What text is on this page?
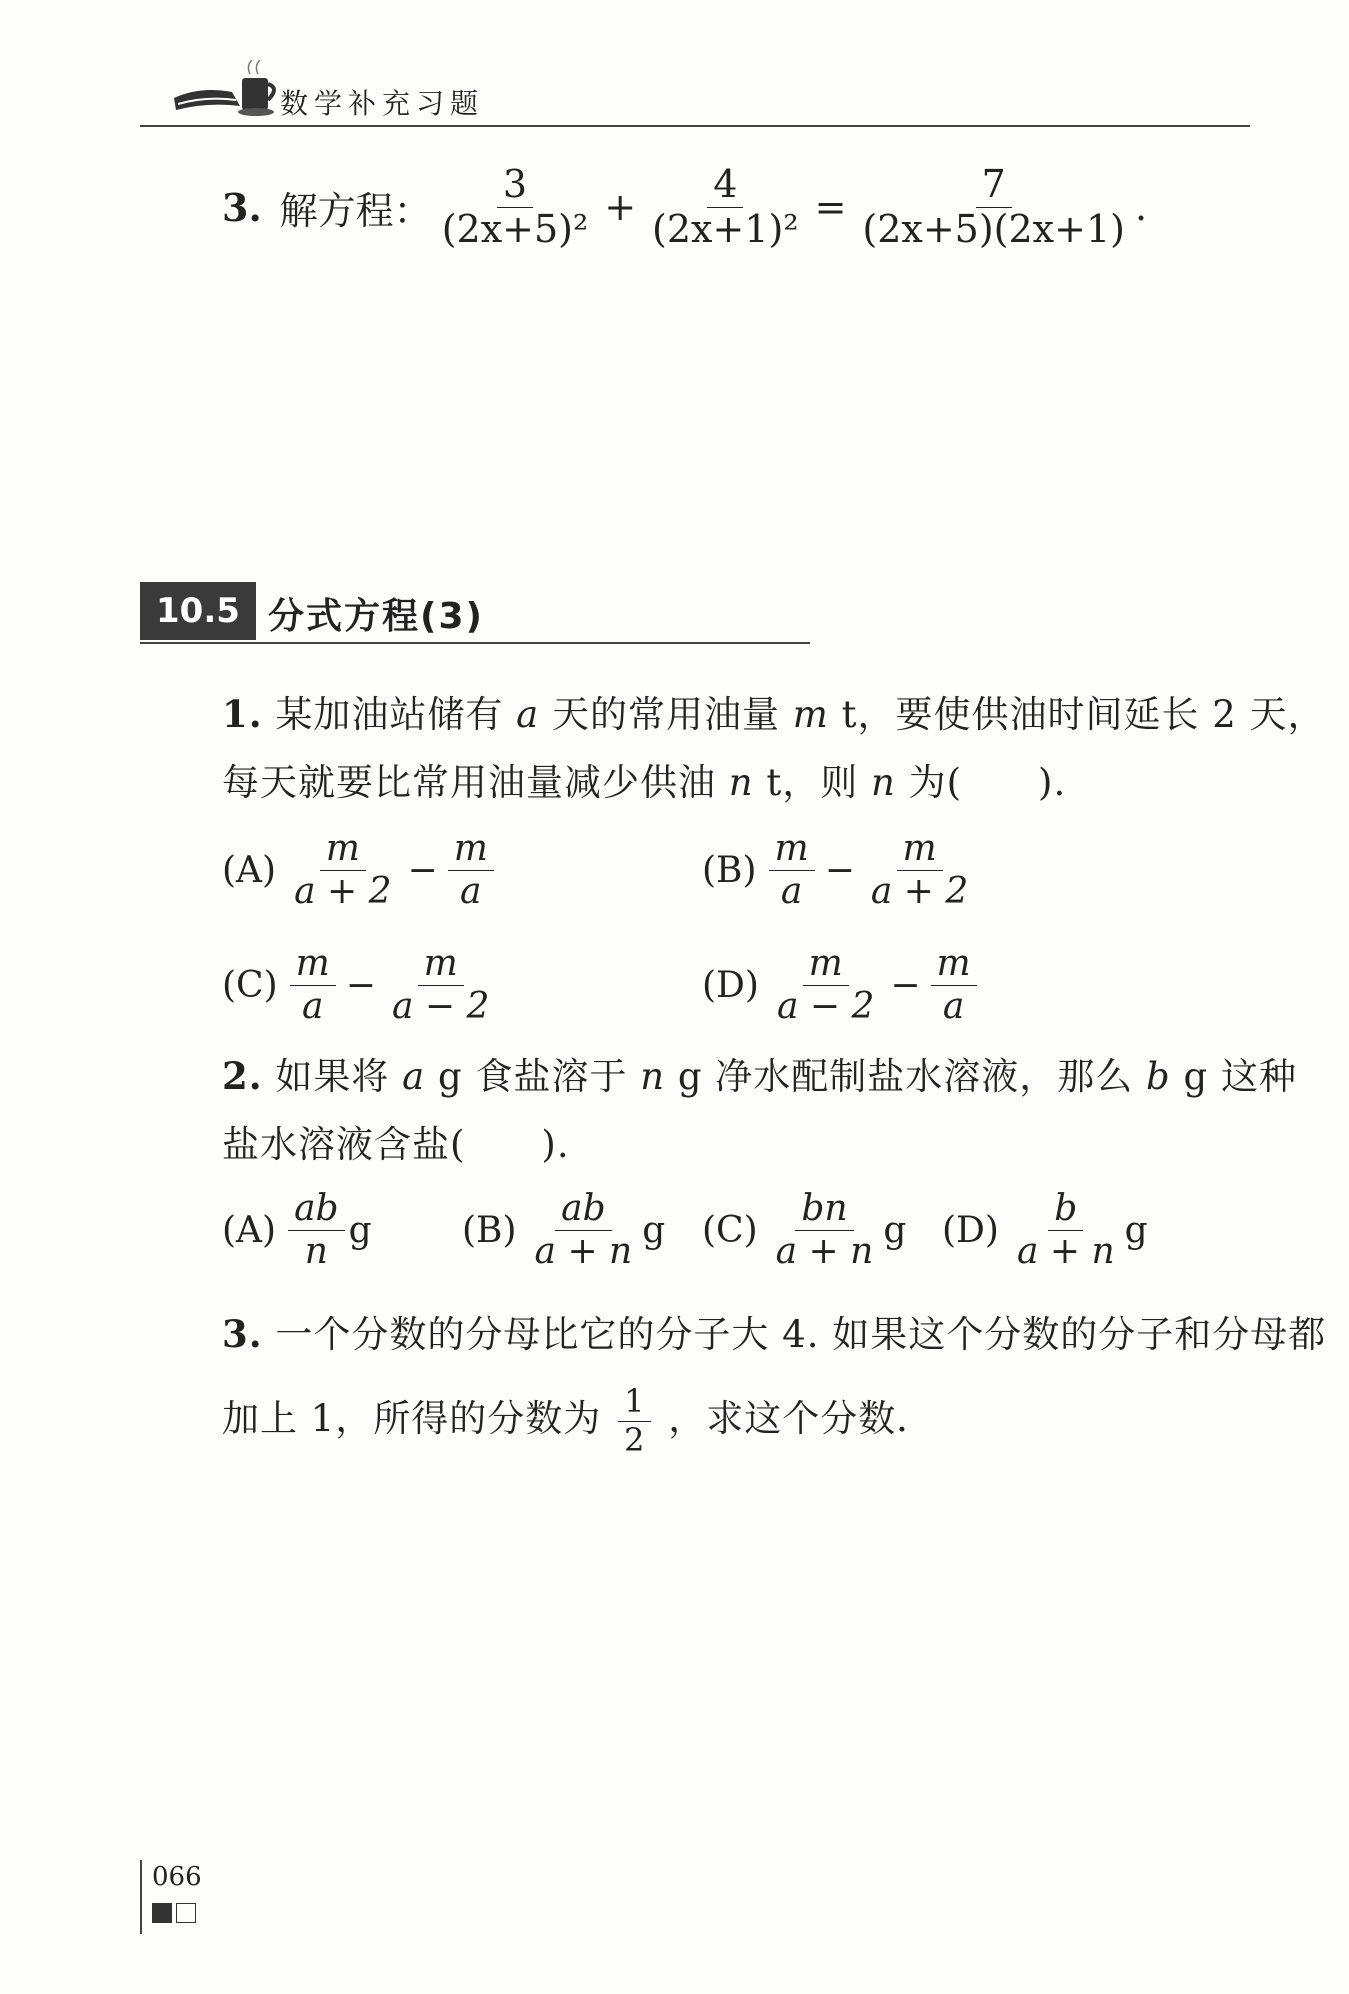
数学补充习题
3. 解方程： $\frac{3}{\text{(2x+5)²}} + \frac{4}{\text{(2x+1)²}} = \frac{7}{(2x+5)(2x+1)}$ .
10.5 分式方程(3)
1. 某加油站储有 a 天的常用油量 m t，要使供油时间延长 2 天，每天就要比常用油量减少供油 n t，则 n 为(　　).
$(A) \frac{m}{a + 2} - \frac{m}{a}$	$(B) \frac{m}{a} - \frac{m}{a + 2}$
$(C) \frac{m}{a} - \frac{m}{a - 2}$	$(D) \frac{m}{a - 2} - \frac{m}{a}$
2. 如果将 a g 食盐溶于 n g 净水配制盐水溶液，那么 b g 这种盐水溶液含盐(　　).
$(A) \frac{ab}{n}$ g	$(B) \frac{ab}{a + n}$ g $(C) \frac{bn}{a + n}$ g $(D) \frac{b}{a + n}$ g
3. 一个分数的分母比它的分子大 4. 如果这个分数的分子和分母都加上 1，所得的分数为 $\frac{1}{2}$ ，求这个分数．
066
